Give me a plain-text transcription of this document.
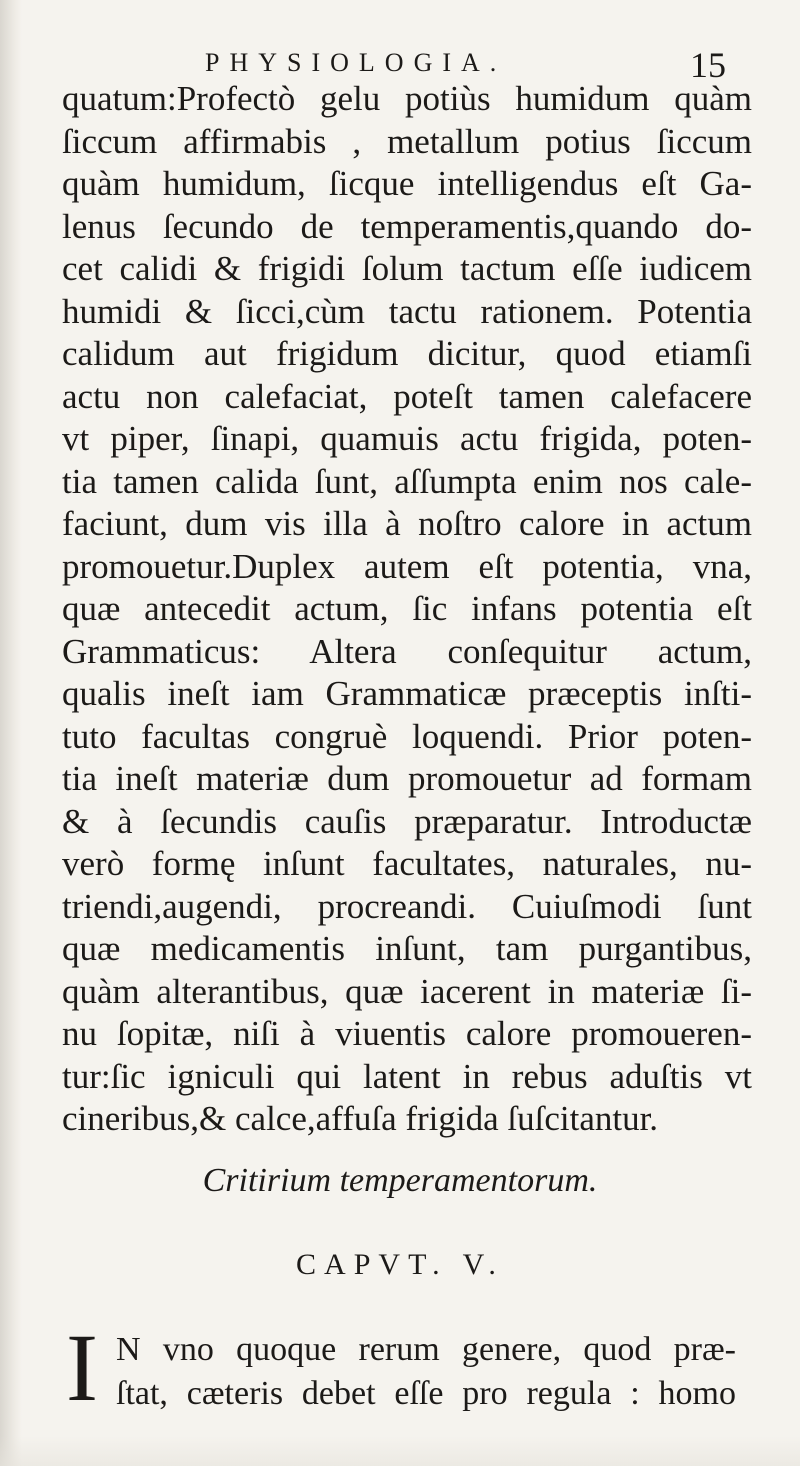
PHYSIOLOGIA.	15
quatum:Profectò gelu potiùs humidum quàm
ſiccum affirmabis , metallum potius ſiccum
quàm humidum, ſicque intelligendus eſt Ga-
lenus ſecundo de temperamentis,quando do-
cet calidi & frigidi ſolum tactum eſſe iudicem
humidi & ſicci,cùm tactu rationem. Potentia
calidum aut frigidum dicitur, quod etiamſi
actu non calefaciat, poteſt tamen calefacere
vt piper, ſinapi, quamuis actu frigida, poten-
tia tamen calida ſunt, aſſumpta enim nos cale-
faciunt, dum vis illa à noſtro calore in actum
promouetur.Duplex autem eſt potentia, vna,
quæ antecedit actum, ſic infans potentia eſt
Grammaticus: Altera conſequitur actum,
qualis ineſt iam Grammaticæ præceptis inſti-
tuto facultas congruè loquendi. Prior poten-
tia ineſt materiæ dum promouetur ad formam
& à ſecundis cauſis præparatur. Introductæ
verò formę inſunt facultates, naturales, nu-
triendi,augendi, procreandi. Cuiuſmodi ſunt
quæ medicamentis inſunt, tam purgantibus,
quàm alterantibus, quæ iacerent in materiæ ſi-
nu ſopitæ, niſi à viuentis calore promoueren-
tur:ſic igniculi qui latent in rebus aduſtis vt
cineribus,& calce,affuſa frigida ſuſcitantur.
Critirium temperamentorum.
CAPVT. V.
I N vno quoque rerum genere, quod præ-
ſtat, cæteris debet eſſe pro regula : homo
